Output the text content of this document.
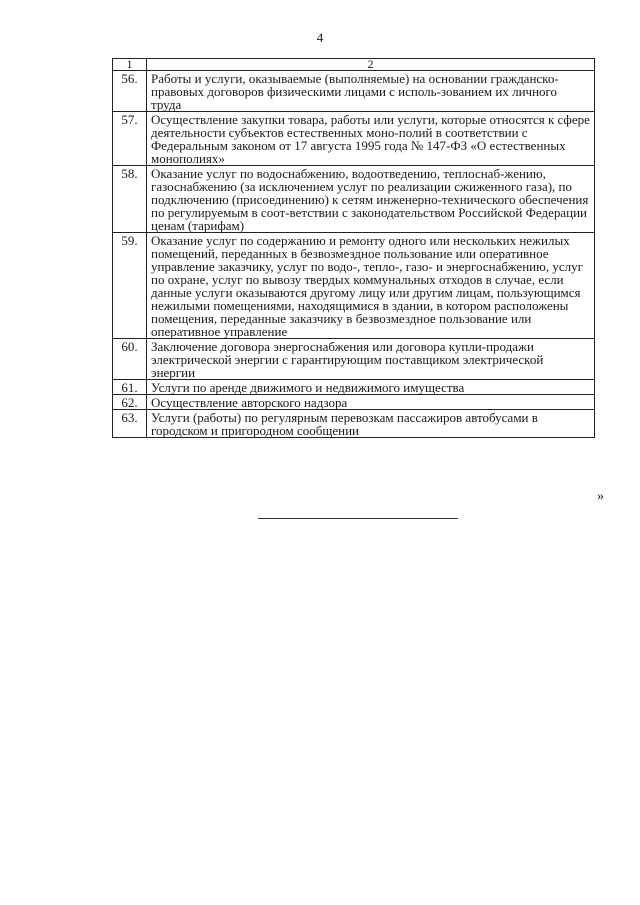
4
1	2
56.	Работы и услуги, оказываемые (выполняемые) на основании гражданско-правовых договоров физическими лицами с исполь-зованием их личного труда
57.	Осуществление закупки товара, работы или услуги, которые относятся к сфере деятельности субъектов естественных моно-полий в соответствии с Федеральным законом от 17 августа 1995 года № 147-ФЗ «О естественных монополиях»
58.	Оказание услуг по водоснабжению, водоотведению, теплоснаб-жению, газоснабжению (за исключением услуг по реализации сжиженного газа), по подключению (присоединению) к сетям инженерно-технического обеспечения по регулируемым в соот-ветствии с законодательством Российской Федерации ценам (тарифам)
59.	Оказание услуг по содержанию и ремонту одного или нескольких нежилых помещений, переданных в безвозмездное пользование или оперативное управление заказчику, услуг по водо-, тепло-, газо- и энергоснабжению, услуг по охране, услуг по вывозу твердых коммунальных отходов в случае, если данные услуги оказываются другому лицу или другим лицам, пользующимся нежилыми помещениями, находящимися в здании, в котором расположены помещения, переданные заказчику в безвозмездное пользование или оперативное управление
60.	Заключение договора энергоснабжения или договора купли-продажи электрической энергии с гарантирующим поставщиком электрической энергии
61.	Услуги по аренде движимого и недвижимого имущества
62.	Осуществление авторского надзора
63.	Услуги (работы) по регулярным перевозкам пассажиров автобусами в городском и пригородном сообщении
»
